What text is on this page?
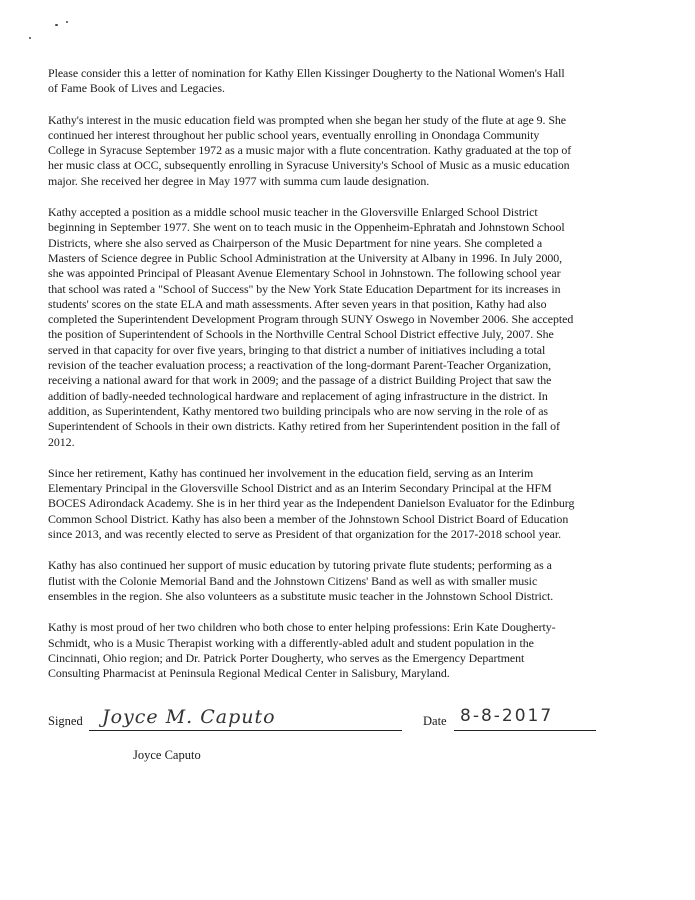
Please consider this a letter of nomination for Kathy Ellen Kissinger Dougherty to the National Women's Hall
of Fame Book of Lives and Legacies.

Kathy's interest in the music education field was prompted when she began her study of the flute at age 9. She
continued her interest throughout her public school years, eventually enrolling in Onondaga Community
College in Syracuse September 1972 as a music major with a flute concentration. Kathy graduated at the top of
her music class at OCC, subsequently enrolling in Syracuse University's School of Music as a music education
major. She received her degree in May 1977 with summa cum laude designation.

Kathy accepted a position as a middle school music teacher in the Gloversville Enlarged School District
beginning in September 1977. She went on to teach music in the Oppenheim-Ephratah and Johnstown School
Districts, where she also served as Chairperson of the Music Department for nine years. She completed a
Masters of Science degree in Public School Administration at the University at Albany in 1996. In July 2000,
she was appointed Principal of Pleasant Avenue Elementary School in Johnstown. The following school year
that school was rated a "School of Success" by the New York State Education Department for its increases in
students' scores on the state ELA and math assessments. After seven years in that position, Kathy had also
completed the Superintendent Development Program through SUNY Oswego in November 2006. She accepted
the position of Superintendent of Schools in the Northville Central School District effective July, 2007. She
served in that capacity for over five years, bringing to that district a number of initiatives including a total
revision of the teacher evaluation process; a reactivation of the long-dormant Parent-Teacher Organization,
receiving a national award for that work in 2009; and the passage of a district Building Project that saw the
addition of badly-needed technological hardware and replacement of aging infrastructure in the district. In
addition, as Superintendent, Kathy mentored two building principals who are now serving in the role of as
Superintendent of Schools in their own districts. Kathy retired from her Superintendent position in the fall of
2012.

Since her retirement, Kathy has continued her involvement in the education field, serving as an Interim
Elementary Principal in the Gloversville School District and as an Interim Secondary Principal at the HFM
BOCES Adirondack Academy. She is in her third year as the Independent Danielson Evaluator for the Edinburg
Common School District. Kathy has also been a member of the Johnstown School District Board of Education
since 2013, and was recently elected to serve as President of that organization for the 2017-2018 school year.

Kathy has also continued her support of music education by tutoring private flute students; performing as a
flutist with the Colonie Memorial Band and the Johnstown Citizens' Band as well as with smaller music
ensembles in the region. She also volunteers as a substitute music teacher in the Johnstown School District.

Kathy is most proud of her two children who both chose to enter helping professions: Erin Kate Dougherty-
Schmidt, who is a Music Therapist working with a differently-abled adult and student population in the
Cincinnati, Ohio region; and Dr. Patrick Porter Dougherty, who serves as the Emergency Department
Consulting Pharmacist at Peninsula Regional Medical Center in Salisbury, Maryland.

Signed Joyce M. Caputo	Date 8-8-2017
Joyce Caputo
